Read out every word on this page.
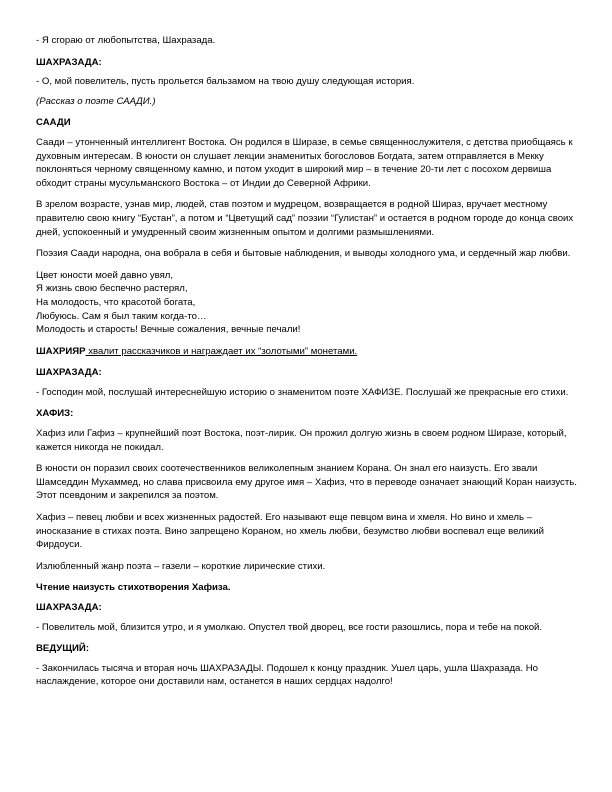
- Я сгораю от любопытства, Шахразада.

ШАХРАЗАДА:

- О, мой повелитель, пусть прольется бальзамом на твою душу следующая история.

(Рассказ о поэте СААДИ.)

СААДИ

Саади – утонченный интеллигент Востока. Он родился в Ширазе, в семье священнослужителя, с детства приобщаясь к духовным интересам. В юности он слушает лекции знаменитых богословов Богдата, затем отправляется в Мекку поклоняться черному священному камню, и потом уходит в широкий мир – в течение 20-ти лет с посохом дервиша обходит страны мусульманского Востока – от Индии до Северной Африки.

В зрелом возрасте, узнав мир, людей, став поэтом и мудрецом, возвращается в родной Шираз, вручает местному правителю свою книгу “Бустан”, а потом и “Цветущий сад” поэзии “Гулистан” и остается в родном городе до конца своих дней, успокоенный и умудренный своим жизненным опытом и долгими размышлениями.

Поэзия Саади народна, она вобрала в себя и бытовые наблюдения, и выводы холодного ума, и сердечный жар любви.

Цвет юности моей давно увял,

Я жизнь свою беспечно растерял,

На молодость, что красотой богата,

Любуюсь. Сам я был таким когда-то…

Молодость и старость! Вечные сожаления, вечные печали!

ШАХРИЯР хвалит рассказчиков и награждает их “золотыми” монетами.

ШАХРАЗАДА:

- Господин мой, послушай интереснейшую историю о знаменитом поэте ХАФИЗЕ. Послушай же прекрасные его стихи.

ХАФИЗ:

Хафиз или Гафиз – крупнейший поэт Востока, поэт-лирик. Он прожил долгую жизнь в своем родном Ширазе, который, кажется никогда не покидал.

В юности он поразил своих соотечественников великолепным знанием Корана. Он знал его наизусть. Его звали Шамседдин Мухаммед, но слава присвоила ему другое имя – Хафиз, что в переводе означает знающий Коран наизусть. Этот псевдоним и закрепился за поэтом.

Хафиз – певец любви и всех жизненных радостей. Его называют еще певцом вина и хмеля. Но вино и хмель – иносказание в стихах поэта. Вино запрещено Кораном, но хмель любви, безумство любви воспевал еще великий Фирдоуси.

Излюбленный жанр поэта – газели – короткие лирические стихи.

Чтение наизусть стихотворения Хафиза.

ШАХРАЗАДА:

- Повелитель мой, близится утро, и я умолкаю. Опустел твой дворец, все гости разошлись, пора и тебе на покой.

ВЕДУЩИЙ:

- Закончилась тысяча и вторая ночь ШАХРАЗАДЫ. Подошел к концу праздник. Ушел царь, ушла Шахразада. Но наслаждение, которое они доставили нам, останется в наших сердцах надолго!
